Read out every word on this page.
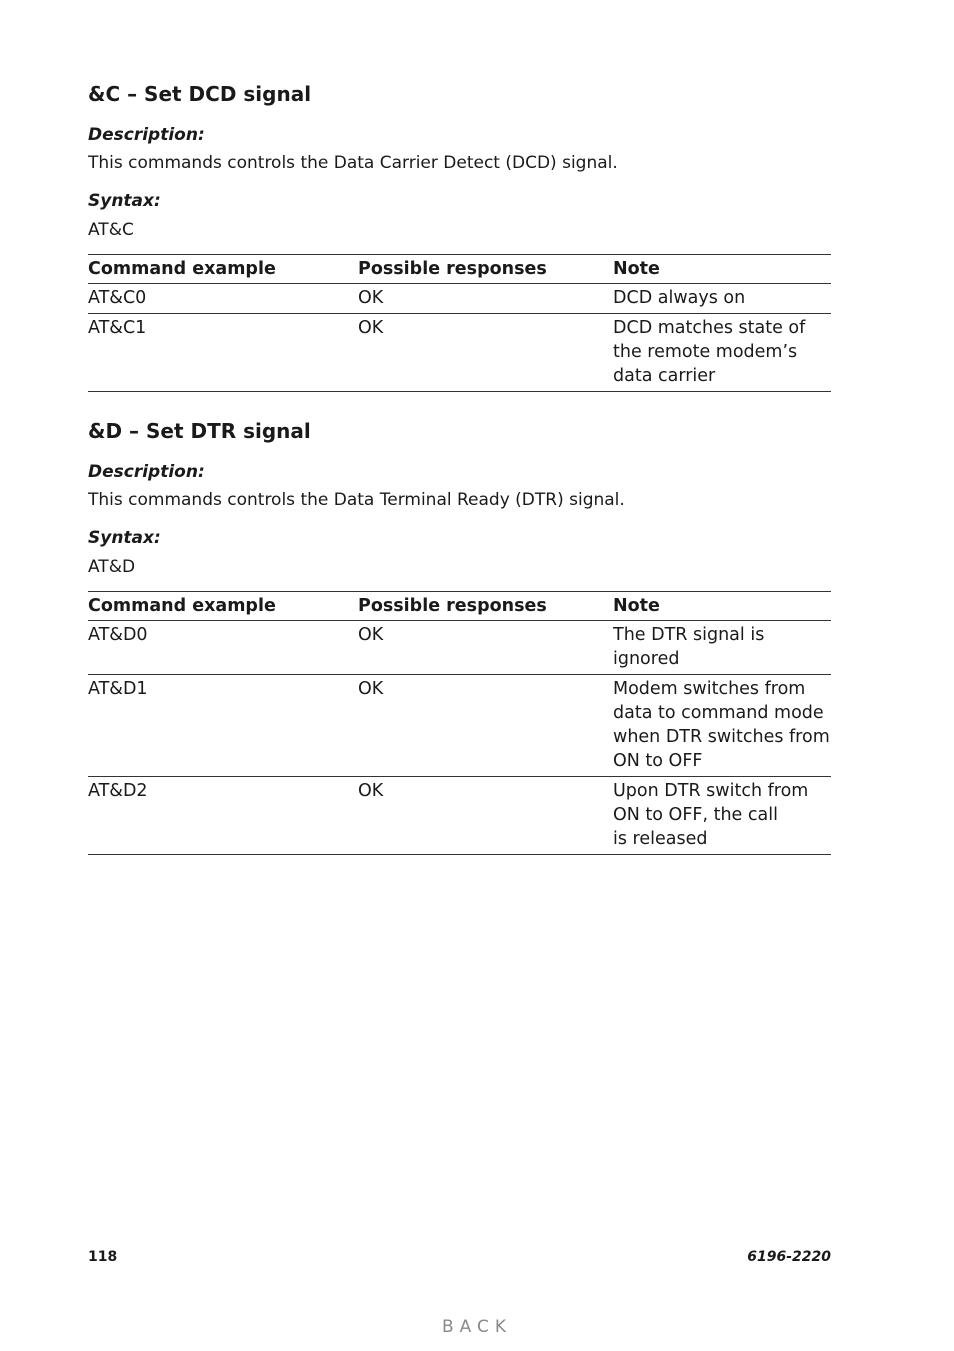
&C – Set DCD signal

Description:

This commands controls the Data Carrier Detect (DCD) signal.

Syntax:

AT&C

Command example	Possible responses	Note
AT&C0	OK	DCD always on
AT&C1	OK	DCD matches state of
the remote modem’s
data carrier
&D – Set DTR signal

Description:

This commands controls the Data Terminal Ready (DTR) signal.

Syntax:

AT&D

Command example	Possible responses	Note
AT&D0	OK	The DTR signal is ignored
AT&D1	OK	Modem switches from
data to command mode
when DTR switches from
ON to OFF
AT&D2	OK	Upon DTR switch from
ON to OFF, the call
is released
118	6196-2220
BACK
